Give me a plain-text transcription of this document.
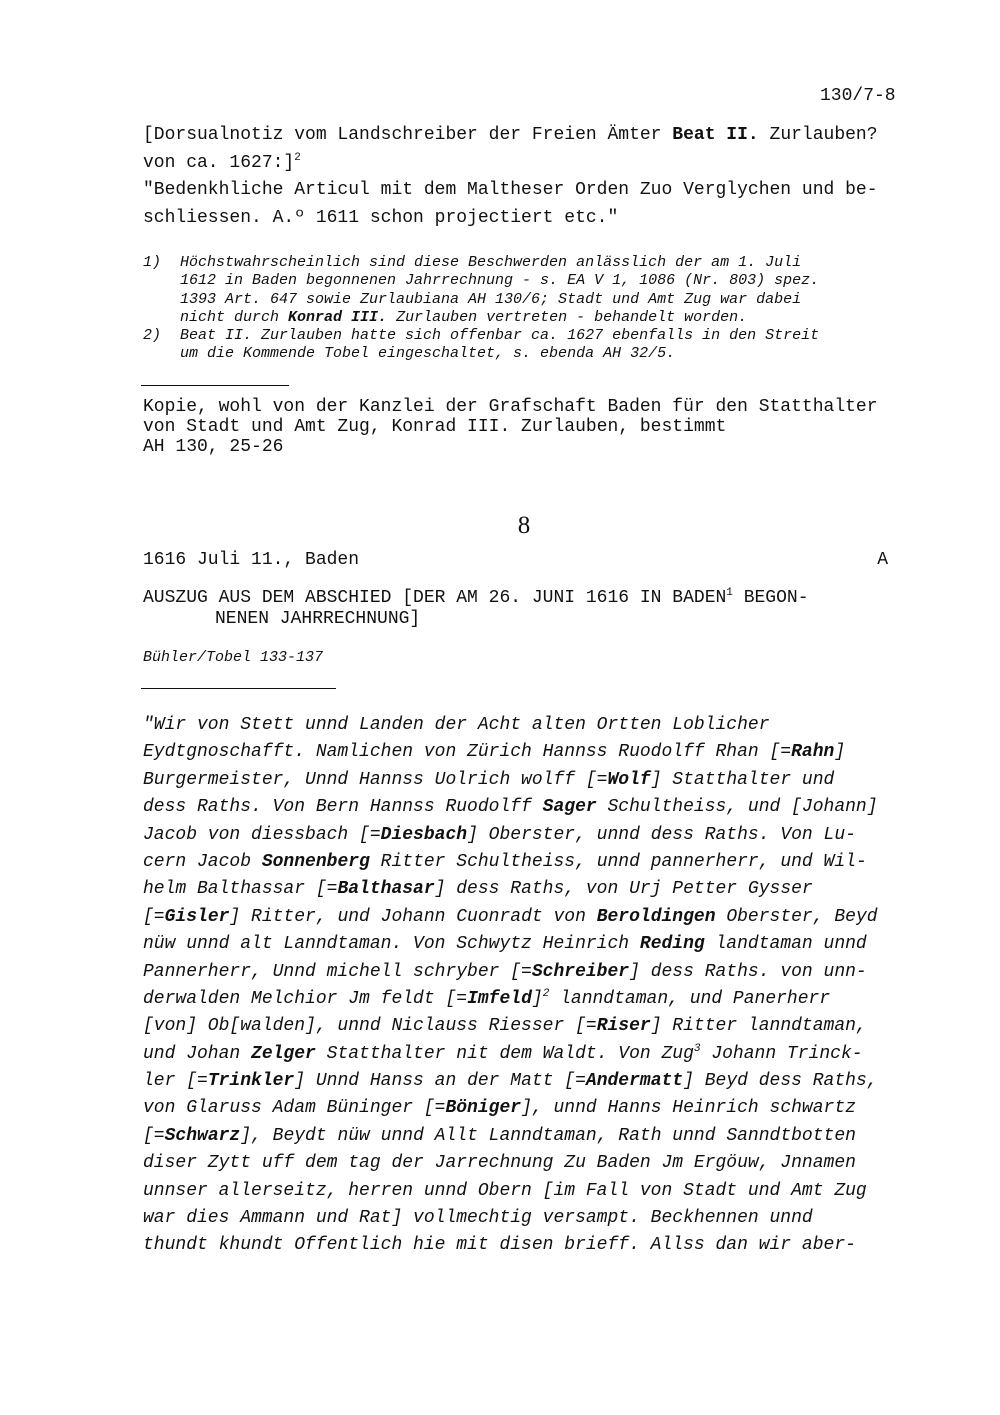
130/7-8
[Dorsualnotiz vom Landschreiber der Freien Ämter Beat II. Zurlauben?
von ca. 1627:]$^2$
"Bedenkhliche Articul mit dem Maltheser Orden Zuo Verglychen und be-
schliessen. A.º 1611 schon projectiert etc."
1)	Höchstwahrscheinlich sind diese Beschwerden anlässlich der am 1. Juli
1612 in Baden begonnenen Jahrrechnung - s. EA V 1, 1086 (Nr. 803) spez.
1393 Art. 647 sowie Zurlaubiana AH 130/6; Stadt und Amt Zug war dabei
nicht durch Konrad III. Zurlauben vertreten - behandelt worden.
2)	Beat II. Zurlauben hatte sich offenbar ca. 1627 ebenfalls in den Streit
um die Kommende Tobel eingeschaltet, s. ebenda AH 32/5.
Kopie, wohl von der Kanzlei der Grafschaft Baden für den Statthalter
von Stadt und Amt Zug, Konrad III. Zurlauben, bestimmt
AH 130, 25-26
8
1616 Juli 11., Baden	A
AUSZUG AUS DEM ABSCHIED [DER AM 26. JUNI 1616 IN BADEN$^1$ BEGON-
NENEN JAHRRECHNUNG]
Bühler/Tobel 133-137
"Wir von Stett unnd Landen der Acht alten Ortten Loblicher
Eydtgnoschafft. Namlichen von Zürich Hannss Ruodolff Rhan [=Rahn]
Burgermeister, Unnd Hannss Uolrich wolff [=Wolf] Statthalter und
dess Raths. Von Bern Hannss Ruodolff Sager Schultheiss, und [Johann]
Jacob von diessbach [=Diesbach] Oberster, unnd dess Raths. Von Lu-
cern Jacob Sonnenberg Ritter Schultheiss, unnd pannerherr, und Wil-
helm Balthassar [=Balthasar] dess Raths, von Urj Petter Gysser
[=Gisler] Ritter, und Johann Cuonradt von Beroldingen Oberster, Beyd
nüw unnd alt Lanndtaman. Von Schwytz Heinrich Reding landtaman unnd
Pannerherr, Unnd michell schryber [=Schreiber] dess Raths. von unn-
derwalden Melchior Jm feldt [=Imfeld]$^2$ lanndtaman, und Panerherr
[von] Ob[walden], unnd Niclauss Riesser [=Riser] Ritter lanndtaman,
und Johan Zelger Statthalter nit dem Waldt. Von Zug$^3$ Johann Trinck-
ler [=Trinkler] Unnd Hanss an der Matt [=Andermatt] Beyd dess Raths,
von Glaruss Adam Büninger [=Böniger], unnd Hanns Heinrich schwartz
[=Schwarz], Beydt nüw unnd Allt Lanndtaman, Rath unnd Sanndtbotten
diser Zytt uff dem tag der Jarrechnung Zu Baden Jm Ergöuw, Jnnamen
unnser allerseitz, herren unnd Obern [im Fall von Stadt und Amt Zug
war dies Ammann und Rat] vollmechtig versampt. Beckhennen unnd
thundt khundt Offentlich hie mit disen brieff. Allss dan wir aber-
